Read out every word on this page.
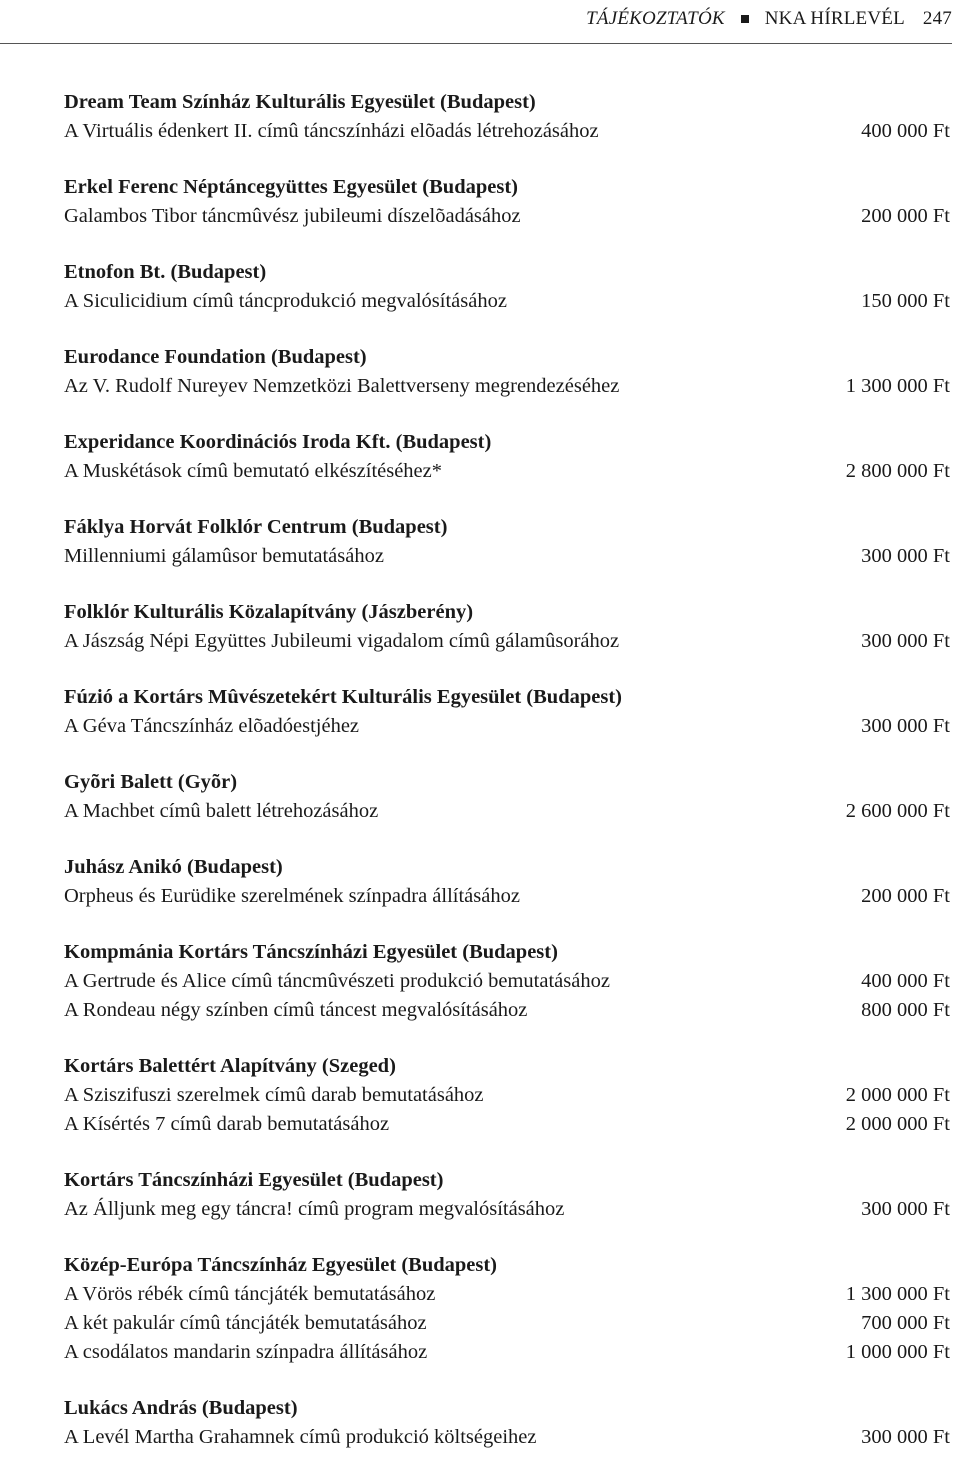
TÁJÉKOZTATÓK NKA HÍRLEVÉL 247
Dream Team Színház Kulturális Egyesület (Budapest)
A Virtuális édenkert II. címû táncszínházi elõadás létrehozásához	400 000 Ft
Erkel Ferenc Néptáncegyüttes Egyesület (Budapest)
Galambos Tibor táncmûvész jubileumi díszelõadásához	200 000 Ft
Etnofon Bt. (Budapest)
A Siculicidium címû táncprodukció megvalósításához	150 000 Ft
Eurodance Foundation (Budapest)
Az V. Rudolf Nureyev Nemzetközi Balettverseny megrendezéséhez	1 300 000 Ft
Experidance Koordinációs Iroda Kft. (Budapest)
A Muskétások címû bemutató elkészítéséhez*	2 800 000 Ft
Fáklya Horvát Folklór Centrum (Budapest)
Millenniumi gálamûsor bemutatásához	300 000 Ft
Folklór Kulturális Közalapítvány (Jászberény)
A Jászság Népi Együttes Jubileumi vigadalom címû gálamûsorához	300 000 Ft
Fúzió a Kortárs Mûvészetekért Kulturális Egyesület (Budapest)
A Géva Táncszínház elõadóestjéhez	300 000 Ft
Gyõri Balett (Gyõr)
A Machbet címû balett létrehozásához	2 600 000 Ft
Juhász Anikó (Budapest)
Orpheus és Eurüdike szerelmének színpadra állításához	200 000 Ft
Kompmánia Kortárs Táncszínházi Egyesület (Budapest)
A Gertrude és Alice címû táncmûvészeti produkció bemutatásához	400 000 Ft
A Rondeau négy színben címû táncest megvalósításához	800 000 Ft
Kortárs Balettért Alapítvány (Szeged)
A Sziszifuszi szerelmek címû darab bemutatásához	2 000 000 Ft
A Kísértés 7 címû darab bemutatásához	2 000 000 Ft
Kortárs Táncszínházi Egyesület (Budapest)
Az Álljunk meg egy táncra! címû program megvalósításához	300 000 Ft
Közép-Európa Táncszínház Egyesület (Budapest)
A Vörös rébék címû táncjáték bemutatásához	1 300 000 Ft
A két pakulár címû táncjáték bemutatásához	700 000 Ft
A csodálatos mandarin színpadra állításához	1 000 000 Ft
Lukács András (Budapest)
A Levél Martha Grahamnek címû produkció költségeihez	300 000 Ft
